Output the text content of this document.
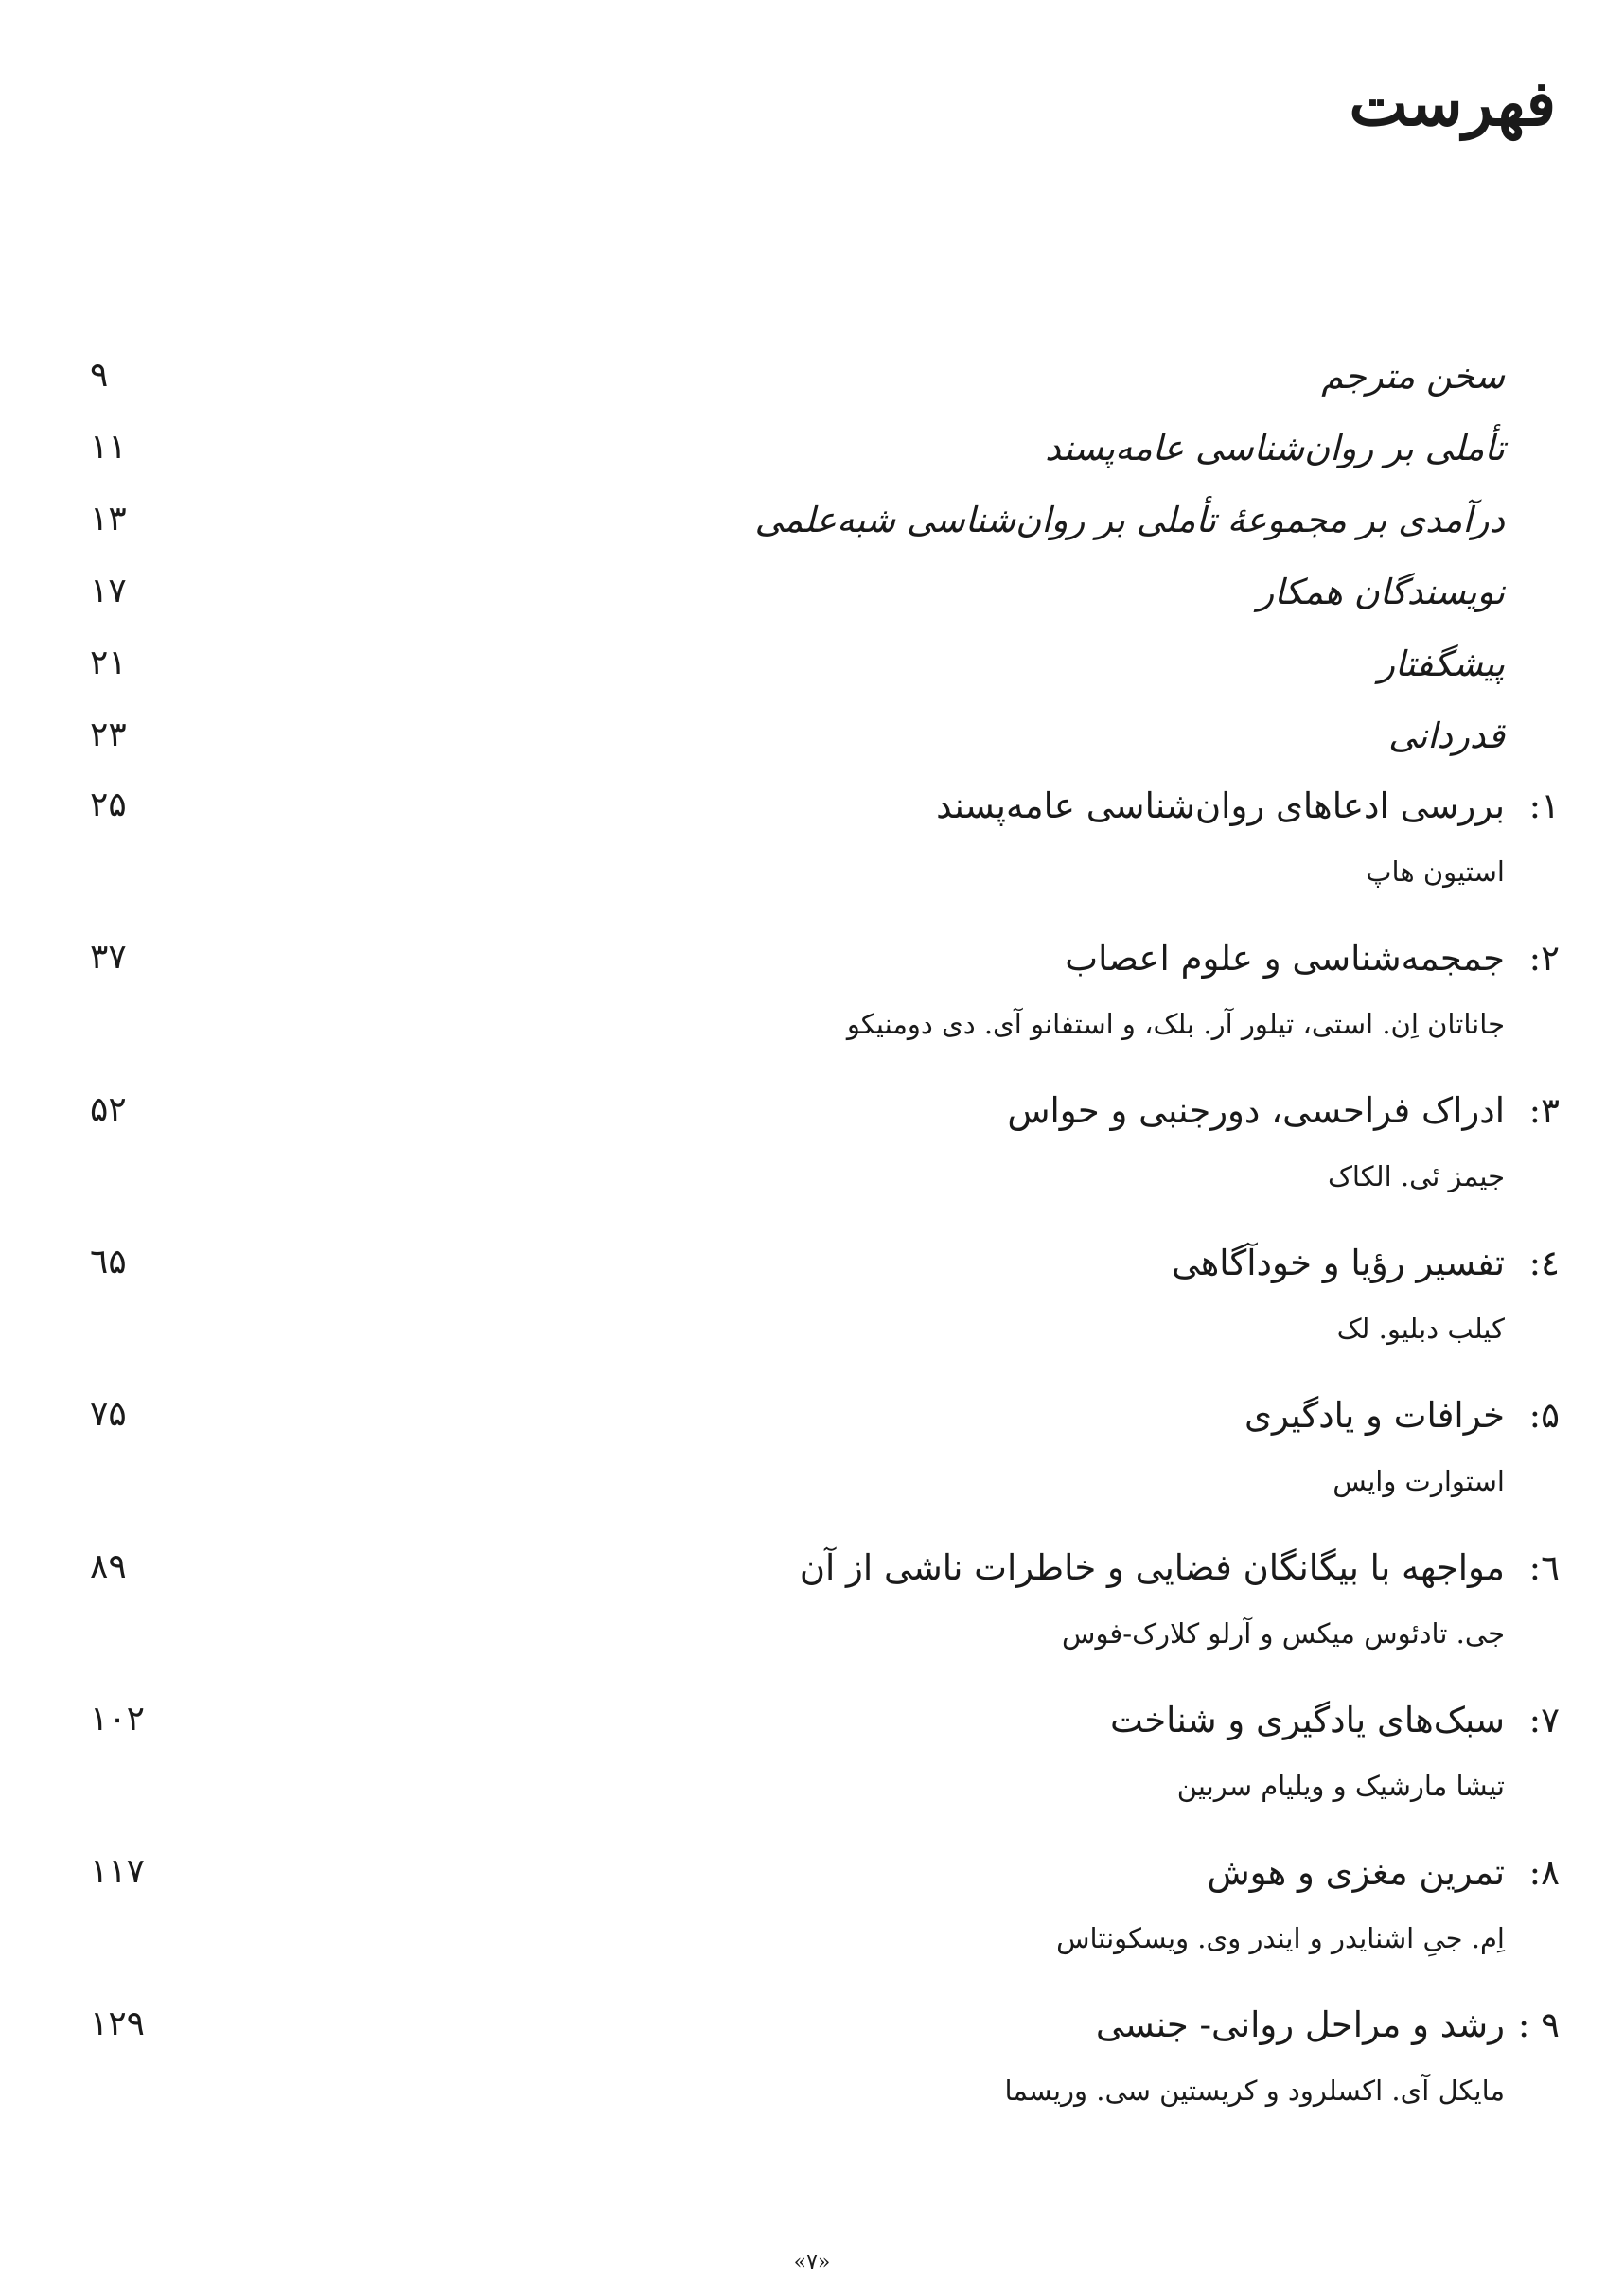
فهرست
سخن مترجم
۹
تأملی بر روان‌شناسی عامه‌پسند
۱۱
درآمدی بر مجموعهٔ تأملی بر روان‌شناسی شبه‌علمی
۱۳
نویسندگان همکار
۱۷
پیشگفتار
۲۱
قدردانی
۲۳
۱:
بررسی ادعاهای روان‌شناسی عامه‌پسند
استیون هاپ
۲۵
۲:
جمجمه‌شناسی و علوم اعصاب
جاناتان اِن. استی، تیلور آر. بلک، و استفانو آی. دی دومنیکو
۳۷
۳:
ادراک فراحسی، دورجنبی و حواس
جیمز ئی. الکاک
۵۲
٤:
تفسیر رؤیا و خودآگاهی
کیلب دبلیو. لک
٦۵
۵:
خرافات و یادگیری
استوارت وایس
۷۵
٦:
مواجهه با بیگانگان فضایی و خاطرات ناشی از آن
جی. تادئوس میکس و آرلو کلارک-فوس
۸۹
۷:
سبک‌های یادگیری و شناخت
تیشا مارشیک و ویلیام سربین
۱۰۲
۸:
تمرین مغزی و هوش
اِم. جیِ اشنایدر و ایندر وی. ویسکونتاس
۱۱۷
۹ :
رشد و مراحل روانی- جنسی
مایکل آی. اکسلرود و کریستین سی. وریسما
۱۲۹
«۷»
